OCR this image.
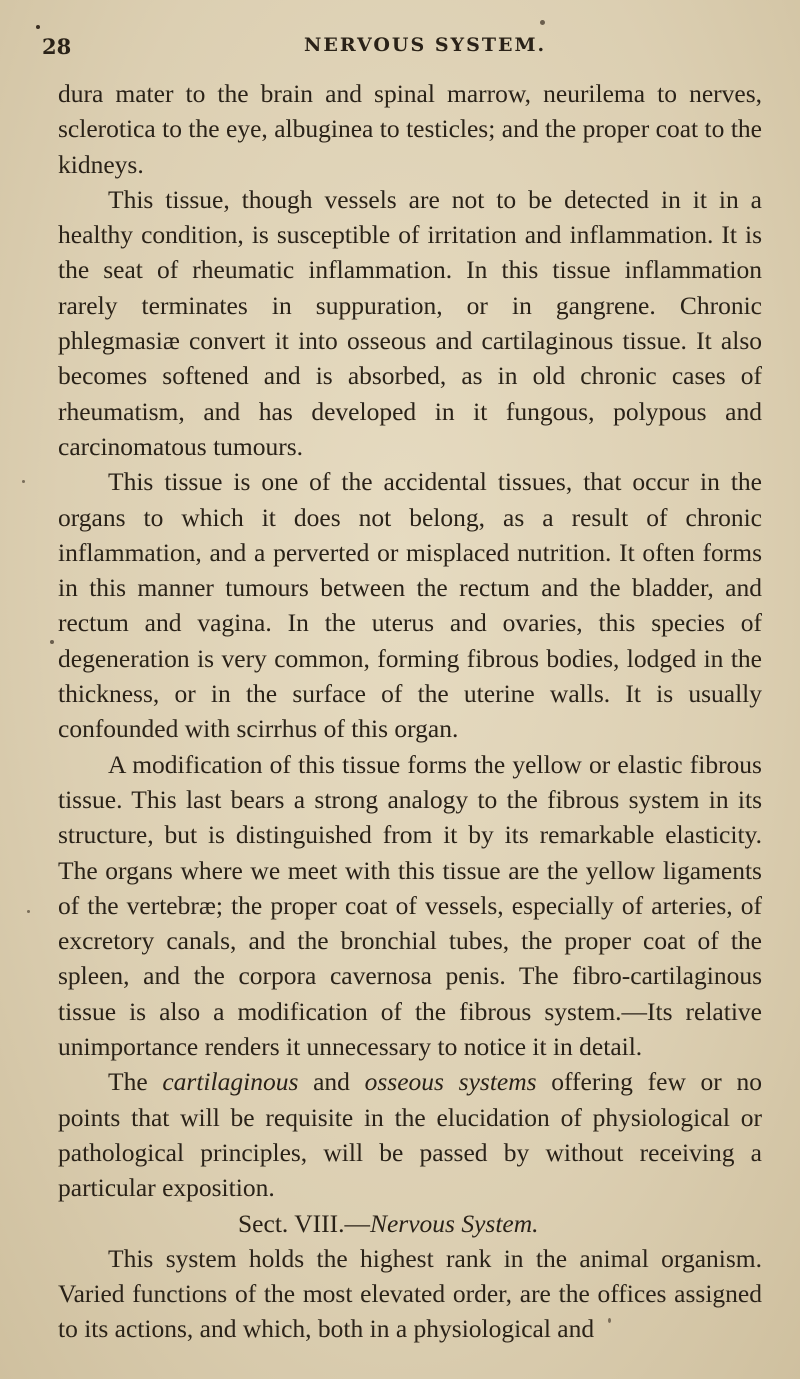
28	NERVOUS SYSTEM.

dura mater to the brain and spinal marrow, neurilema to nerves, sclerotica to the eye, albuginea to testicles; and the proper coat to the kidneys.

This tissue, though vessels are not to be detected in it in a healthy condition, is susceptible of irritation and inflammation. It is the seat of rheumatic inflammation. In this tissue inflammation rarely terminates in suppuration, or in gangrene. Chronic phlegmasiæ convert it into osseous and cartilaginous tissue. It also becomes softened and is absorbed, as in old chronic cases of rheumatism, and has developed in it fungous, polypous and carcinomatous tumours.

This tissue is one of the accidental tissues, that occur in the organs to which it does not belong, as a result of chronic inflammation, and a perverted or misplaced nutrition. It often forms in this manner tumours between the rectum and the bladder, and rectum and vagina. In the uterus and ovaries, this species of degeneration is very common, forming fibrous bodies, lodged in the thickness, or in the surface of the uterine walls. It is usually confounded with scirrhus of this organ.

A modification of this tissue forms the yellow or elastic fibrous tissue. This last bears a strong analogy to the fibrous system in its structure, but is distinguished from it by its remarkable elasticity. The organs where we meet with this tissue are the yellow ligaments of the vertebræ; the proper coat of vessels, especially of arteries, of excretory canals, and the bronchial tubes, the proper coat of the spleen, and the corpora cavernosa penis. The fibro-cartilaginous tissue is also a modification of the fibrous system.—Its relative unimportance renders it unnecessary to notice it in detail.

The cartilaginous and osseous systems offering few or no points that will be requisite in the elucidation of physiological or pathological principles, will be passed by without receiving a particular exposition.

Sect. VIII.—Nervous System.

This system holds the highest rank in the animal organism. Varied functions of the most elevated order, are the offices assigned to its actions, and which, both in a physiological and
